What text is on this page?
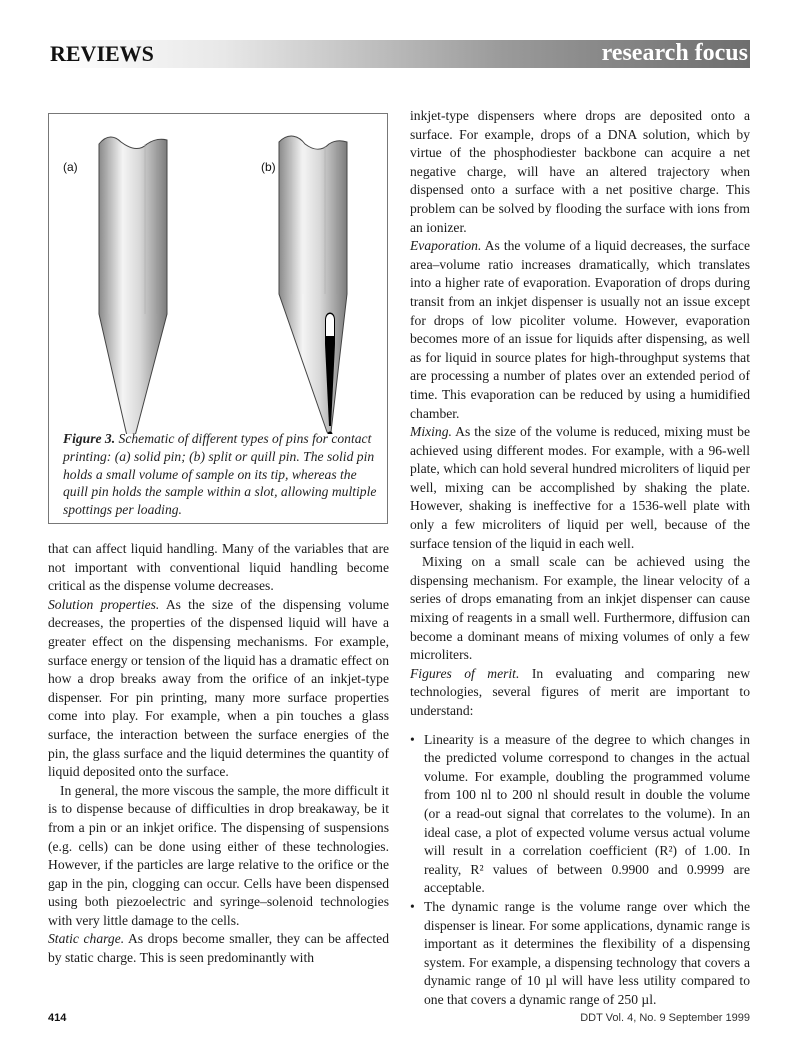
REVIEWS	research focus
(a)	(b)
Figure 3. Schematic of different types of pins for contact printing: (a) solid pin; (b) split or quill pin. The solid pin holds a small volume of sample on its tip, whereas the quill pin holds the sample within a slot, allowing multiple spottings per loading.

that can affect liquid handling. Many of the variables that are not important with conventional liquid handling become critical as the dispense volume decreases.

Solution properties. As the size of the dispensing volume decreases, the properties of the dispensed liquid will have a greater effect on the dispensing mechanisms. For example, surface energy or tension of the liquid has a dramatic effect on how a drop breaks away from the orifice of an inkjet-type dispenser. For pin printing, many more surface properties come into play. For example, when a pin touches a glass surface, the interaction between the surface energies of the pin, the glass surface and the liquid determines the quantity of liquid deposited onto the surface.

In general, the more viscous the sample, the more difficult it is to dispense because of difficulties in drop breakaway, be it from a pin or an inkjet orifice. The dispensing of suspensions (e.g. cells) can be done using either of these technologies. However, if the particles are large relative to the orifice or the gap in the pin, clogging can occur. Cells have been dispensed using both piezoelectric and syringe–solenoid technologies with very little damage to the cells.

Static charge. As drops become smaller, they can be affected by static charge. This is seen predominantly with

inkjet-type dispensers where drops are deposited onto a surface. For example, drops of a DNA solution, which by virtue of the phosphodiester backbone can acquire a net negative charge, will have an altered trajectory when dispensed onto a surface with a net positive charge. This problem can be solved by flooding the surface with ions from an ionizer.

Evaporation. As the volume of a liquid decreases, the surface area–volume ratio increases dramatically, which translates into a higher rate of evaporation. Evaporation of drops during transit from an inkjet dispenser is usually not an issue except for drops of low picoliter volume. However, evaporation becomes more of an issue for liquids after dispensing, as well as for liquid in source plates for high-throughput systems that are processing a number of plates over an extended period of time. This evaporation can be reduced by using a humidified chamber.

Mixing. As the size of the volume is reduced, mixing must be achieved using different modes. For example, with a 96-well plate, which can hold several hundred microliters of liquid per well, mixing can be accomplished by shaking the plate. However, shaking is ineffective for a 1536-well plate with only a few microliters of liquid per well, because of the surface tension of the liquid in each well.

Mixing on a small scale can be achieved using the dispensing mechanism. For example, the linear velocity of a series of drops emanating from an inkjet dispenser can cause mixing of reagents in a small well. Furthermore, diffusion can become a dominant means of mixing volumes of only a few microliters.

Figures of merit. In evaluating and comparing new technologies, several figures of merit are important to understand:

• Linearity is a measure of the degree to which changes in the predicted volume correspond to changes in the actual volume. For example, doubling the programmed volume from 100 nl to 200 nl should result in double the volume (or a read-out signal that correlates to the volume). In an ideal case, a plot of expected volume versus actual volume will result in a correlation coefficient (R²) of 1.00. In reality, R² values of between 0.9900 and 0.9999 are acceptable.
• The dynamic range is the volume range over which the dispenser is linear. For some applications, dynamic range is important as it determines the flexibility of a dispensing system. For example, a dispensing technology that covers a dynamic range of 10 µl will have less utility compared to one that covers a dynamic range of 250 µl.
414	DDT Vol. 4, No. 9 September 1999
